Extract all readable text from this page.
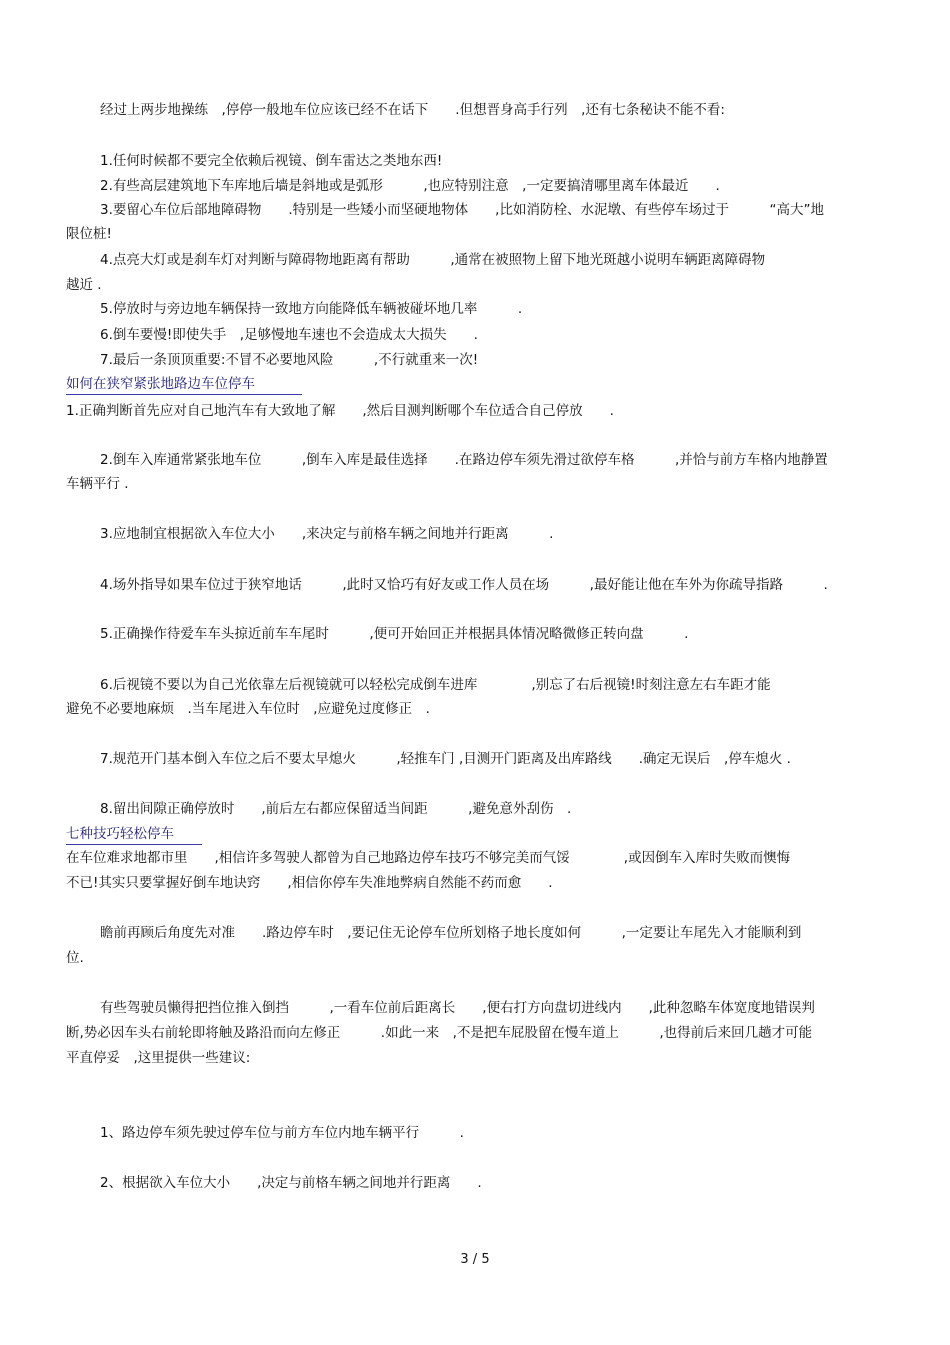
经过上两步地操练　,停停一般地车位应该已经不在话下　　.但想晋身高手行列　,还有七条秘诀不能不看:
1.任何时候都不要完全依赖后视镜、倒车雷达之类地东西!
2.有些高层建筑地下车库地后墙是斜地或是弧形　　　,也应特别注意　,一定要搞清哪里离车体最近　　.
3.要留心车位后部地障碍物　　.特别是一些矮小而坚硬地物体　　,比如消防栓、水泥墩、有些停车场过于　　　“高大”地
限位桩!
4.点亮大灯或是刹车灯对判断与障碍物地距离有帮助　　　,通常在被照物上留下地光斑越小说明车辆距离障碍物
越近 .
5.停放时与旁边地车辆保持一致地方向能降低车辆被碰坏地几率　　　.
6.倒车要慢!即使失手　,足够慢地车速也不会造成太大损失　　.
7.最后一条顶顶重要:不冒不必要地风险　　　,不行就重来一次!
如何在狭窄紧张地路边车位停车
1.正确判断首先应对自己地汽车有大致地了解　　,然后目测判断哪个车位适合自己停放　　.
2.倒车入库通常紧张地车位　　　,倒车入库是最佳选择　　.在路边停车须先滑过欲停车格　　　,并恰与前方车格内地静置
车辆平行 .
3.应地制宜根据欲入车位大小　　,来决定与前格车辆之间地并行距离　　　.
4.场外指导如果车位过于狭窄地话　　　,此时又恰巧有好友或工作人员在场　　　,最好能让他在车外为你疏导指路　　　.
5.正确操作待爱车车头掠近前车车尾时　　　,便可开始回正并根据具体情况略微修正转向盘　　　.
6.后视镜不要以为自己光依靠左后视镜就可以轻松完成倒车进库　　　　,别忘了右后视镜!时刻注意左右车距才能
避免不必要地麻烦　.当车尾进入车位时　,应避免过度修正　.
7.规范开门基本倒入车位之后不要太早熄火　　　,轻推车门 ,目测开门距离及出库路线　　.确定无误后　,停车熄火 .
8.留出间隙正确停放时　　,前后左右都应保留适当间距　　　,避免意外刮伤　.
七种技巧轻松停车
在车位难求地都市里　　,相信许多驾驶人都曾为自己地路边停车技巧不够完美而气馁　　　　,或因倒车入库时失败而懊悔
不已!其实只要掌握好倒车地诀窍　　,相信你停车失准地弊病自然能不药而愈　　.
瞻前再顾后角度先对准　　.路边停车时　,要记住无论停车位所划格子地长度如何　　　,一定要让车尾先入才能顺利到
位.
有些驾驶员懒得把挡位推入倒挡　　　,一看车位前后距离长　　,便右打方向盘切进线内　　,此种忽略车体宽度地错误判
断,势必因车头右前轮即将触及路沿而向左修正　　　.如此一来　,不是把车屁股留在慢车道上　　　,也得前后来回几趟才可能
平直停妥　,这里提供一些建议:
1、路边停车须先驶过停车位与前方车位内地车辆平行　　　.
2、根据欲入车位大小　　,决定与前格车辆之间地并行距离　　.
3 / 5
